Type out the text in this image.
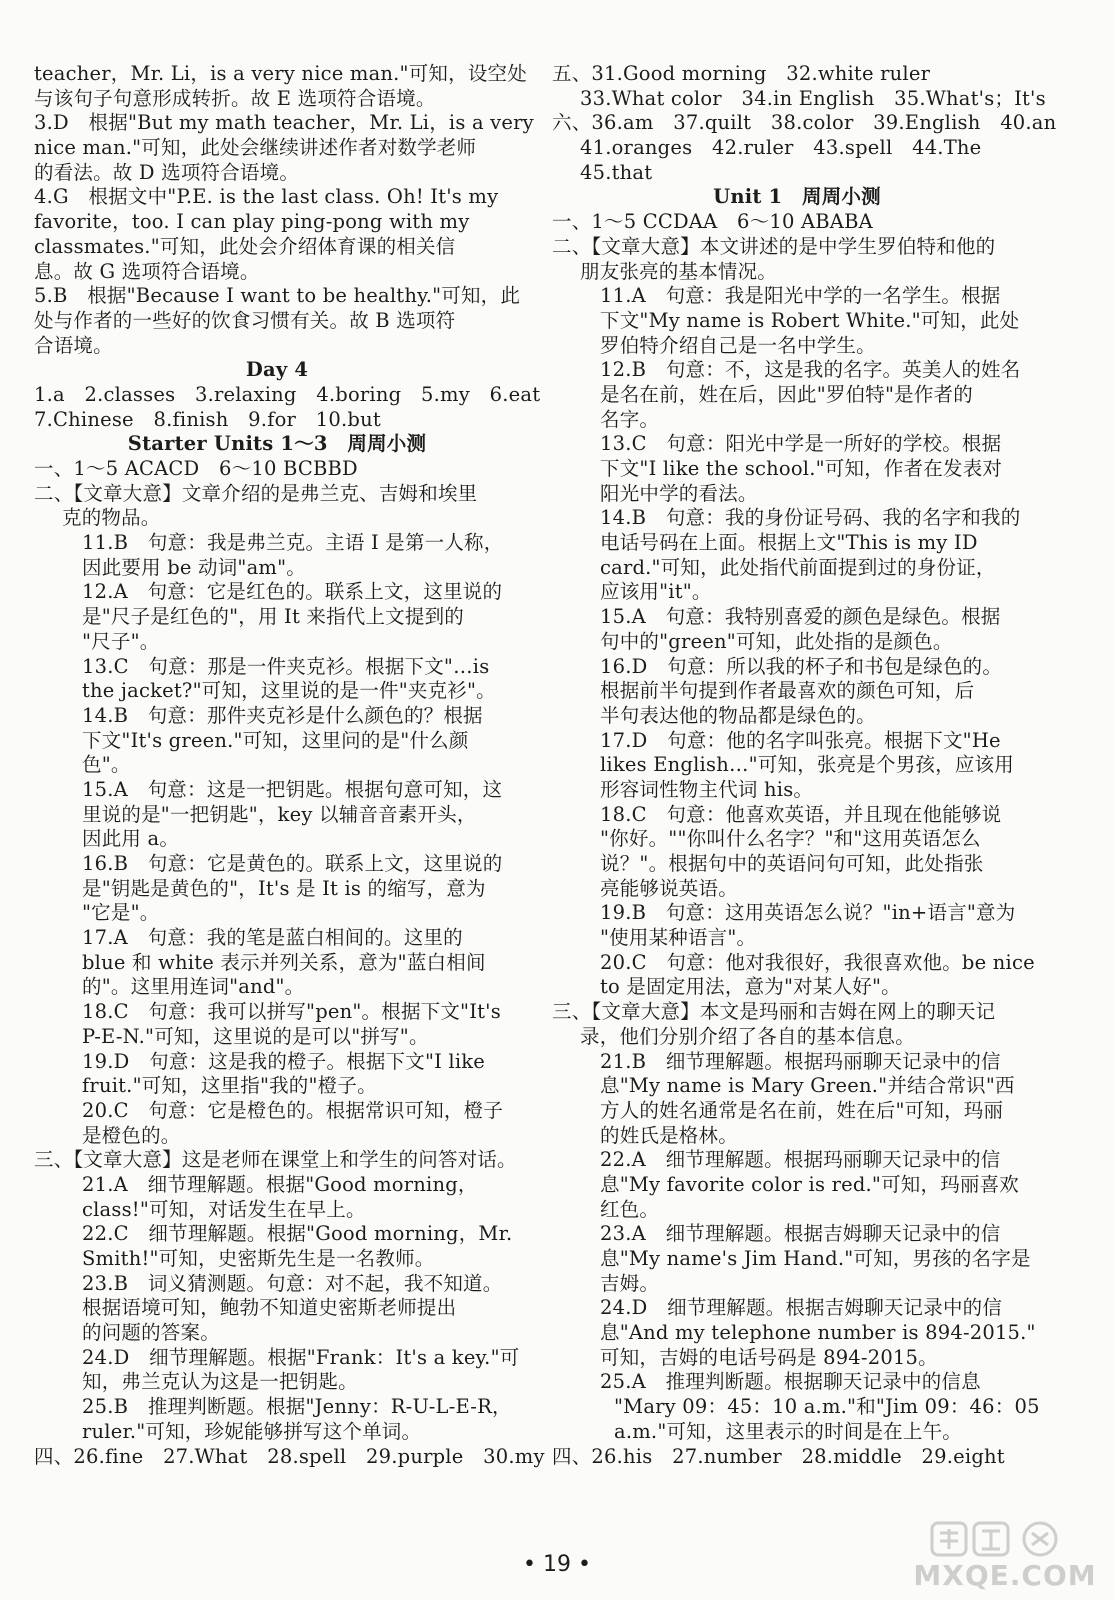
teacher，Mr. Li，is a very nice man."可知，设空处
与该句子句意形成转折。故 E 选项符合语境。
3.D　根据"But my math teacher，Mr. Li，is a very
nice man."可知，此处会继续讲述作者对数学老师
的看法。故 D 选项符合语境。
4.G　根据文中"P.E. is the last class. Oh! It's my
favorite，too. I can play ping-pong with my
classmates."可知，此处会介绍体育课的相关信
息。故 G 选项符合语境。
5.B　根据"Because I want to be healthy."可知，此
处与作者的一些好的饮食习惯有关。故 B 选项符
合语境。
Day 4
1.a　2.classes　3.relaxing　4.boring　5.my　6.eat
7.Chinese　8.finish　9.for　10.but
Starter Units 1～3　周周小测
一、1～5 ACACD　6～10 BCBBD
二、【文章大意】文章介绍的是弗兰克、吉姆和埃里
克的物品。
11.B　句意：我是弗兰克。主语 I 是第一人称，
因此要用 be 动词"am"。
12.A　句意：它是红色的。联系上文，这里说的
是"尺子是红色的"，用 It 来指代上文提到的
"尺子"。
13.C　句意：那是一件夹克衫。根据下文"…is
the jacket?"可知，这里说的是一件"夹克衫"。
14.B　句意：那件夹克衫是什么颜色的？根据
下文"It's green."可知，这里问的是"什么颜
色"。
15.A　句意：这是一把钥匙。根据句意可知，这
里说的是"一把钥匙"，key 以辅音音素开头，
因此用 a。
16.B　句意：它是黄色的。联系上文，这里说的
是"钥匙是黄色的"，It's 是 It is 的缩写，意为
"它是"。
17.A　句意：我的笔是蓝白相间的。这里的
blue 和 white 表示并列关系，意为"蓝白相间
的"。这里用连词"and"。
18.C　句意：我可以拼写"pen"。根据下文"It's
P-E-N."可知，这里说的是可以"拼写"。
19.D　句意：这是我的橙子。根据下文"I like
fruit."可知，这里指"我的"橙子。
20.C　句意：它是橙色的。根据常识可知，橙子
是橙色的。
三、【文章大意】这是老师在课堂上和学生的问答对话。
21.A　细节理解题。根据"Good morning，
class!"可知，对话发生在早上。
22.C　细节理解题。根据"Good morning，Mr.
Smith!"可知，史密斯先生是一名教师。
23.B　词义猜测题。句意：对不起，我不知道。
根据语境可知，鲍勃不知道史密斯老师提出
的问题的答案。
24.D　细节理解题。根据"Frank：It's a key."可
知，弗兰克认为这是一把钥匙。
25.B　推理判断题。根据"Jenny：R-U-L-E-R，
ruler."可知，珍妮能够拼写这个单词。
四、26.fine　27.What　28.spell　29.purple　30.my
五、31.Good morning　32.white ruler
33.What color　34.in English　35.What's；It's
六、36.am　37.quilt　38.color　39.English　40.an
41.oranges　42.ruler　43.spell　44.The
45.that
Unit 1　周周小测
一、1～5 CCDAA　6～10 ABABA
二、【文章大意】本文讲述的是中学生罗伯特和他的
朋友张亮的基本情况。
11.A　句意：我是阳光中学的一名学生。根据
下文"My name is Robert White."可知，此处
罗伯特介绍自己是一名中学生。
12.B　句意：不，这是我的名字。英美人的姓名
是名在前，姓在后，因此"罗伯特"是作者的
名字。
13.C　句意：阳光中学是一所好的学校。根据
下文"I like the school."可知，作者在发表对
阳光中学的看法。
14.B　句意：我的身份证号码、我的名字和我的
电话号码在上面。根据上文"This is my ID
card."可知，此处指代前面提到过的身份证，
应该用"it"。
15.A　句意：我特别喜爱的颜色是绿色。根据
句中的"green"可知，此处指的是颜色。
16.D　句意：所以我的杯子和书包是绿色的。
根据前半句提到作者最喜欢的颜色可知，后
半句表达他的物品都是绿色的。
17.D　句意：他的名字叫张亮。根据下文"He
likes English…"可知，张亮是个男孩，应该用
形容词性物主代词 his。
18.C　句意：他喜欢英语，并且现在他能够说
"你好。""你叫什么名字？"和"这用英语怎么
说？"。根据句中的英语问句可知，此处指张
亮能够说英语。
19.B　句意：这用英语怎么说？"in+语言"意为
"使用某种语言"。
20.C　句意：他对我很好，我很喜欢他。be nice
to 是固定用法，意为"对某人好"。
三、【文章大意】本文是玛丽和吉姆在网上的聊天记
录，他们分别介绍了各自的基本信息。
21.B　细节理解题。根据玛丽聊天记录中的信
息"My name is Mary Green."并结合常识"西
方人的姓名通常是名在前，姓在后"可知，玛丽
的姓氏是格林。
22.A　细节理解题。根据玛丽聊天记录中的信
息"My favorite color is red."可知，玛丽喜欢
红色。
23.A　细节理解题。根据吉姆聊天记录中的信
息"My name's Jim Hand."可知，男孩的名字是
吉姆。
24.D　细节理解题。根据吉姆聊天记录中的信
息"And my telephone number is 894-2015."
可知，吉姆的电话号码是 894-2015。
25.A　推理判断题。根据聊天记录中的信息
"Mary 09：45：10 a.m."和"Jim 09：46：05
a.m."可知，这里表示的时间是在上午。
四、26.his　27.number　28.middle　29.eight
• 19 •	MXQE.COM
